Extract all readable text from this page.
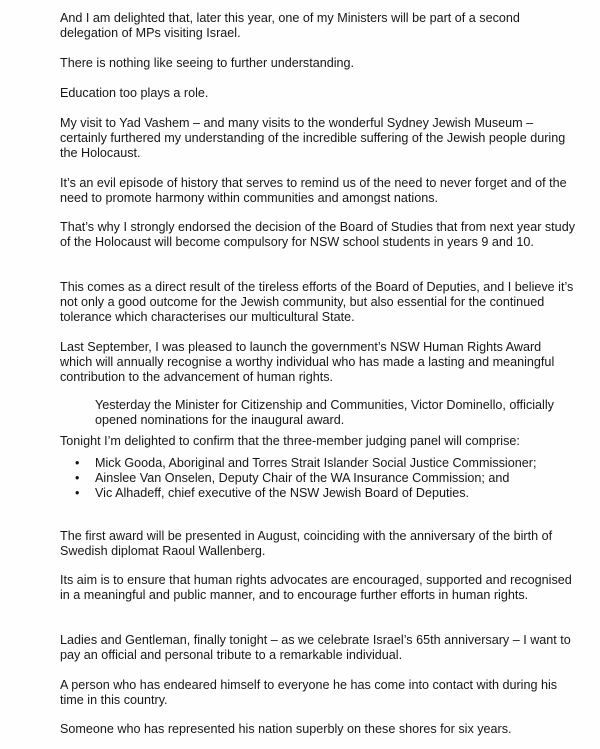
And I am delighted that, later this year, one of my Ministers will be part of a second delegation of MPs visiting Israel.

There is nothing like seeing to further understanding.

Education too plays a role.

My visit to Yad Vashem – and many visits to the wonderful Sydney Jewish Museum – certainly furthered my understanding of the incredible suffering of the Jewish people during the Holocaust.

It’s an evil episode of history that serves to remind us of the need to never forget and of the need to promote harmony within communities and amongst nations.

That’s why I strongly endorsed the decision of the Board of Studies that from next year study of the Holocaust will become compulsory for NSW school students in years 9 and 10.

This comes as a direct result of the tireless efforts of the Board of Deputies, and I believe it’s not only a good outcome for the Jewish community, but also essential for the continued tolerance which characterises our multicultural State.

Last September, I was pleased to launch the government’s NSW Human Rights Award which will annually recognise a worthy individual who has made a lasting and meaningful contribution to the advancement of human rights.

Yesterday the Minister for Citizenship and Communities, Victor Dominello, officially opened nominations for the inaugural award.

Tonight I’m delighted to confirm that the three-member judging panel will comprise:

• Mick Gooda, Aboriginal and Torres Strait Islander Social Justice Commissioner;
• Ainslee Van Onselen, Deputy Chair of the WA Insurance Commission; and
• Vic Alhadeff, chief executive of the NSW Jewish Board of Deputies.

The first award will be presented in August, coinciding with the anniversary of the birth of Swedish diplomat Raoul Wallenberg.

Its aim is to ensure that human rights advocates are encouraged, supported and recognised in a meaningful and public manner, and to encourage further efforts in human rights.

Ladies and Gentleman, finally tonight – as we celebrate Israel’s 65th anniversary – I want to pay an official and personal tribute to a remarkable individual.

A person who has endeared himself to everyone he has come into contact with during his time in this country.

Someone who has represented his nation superbly on these shores for six years.
